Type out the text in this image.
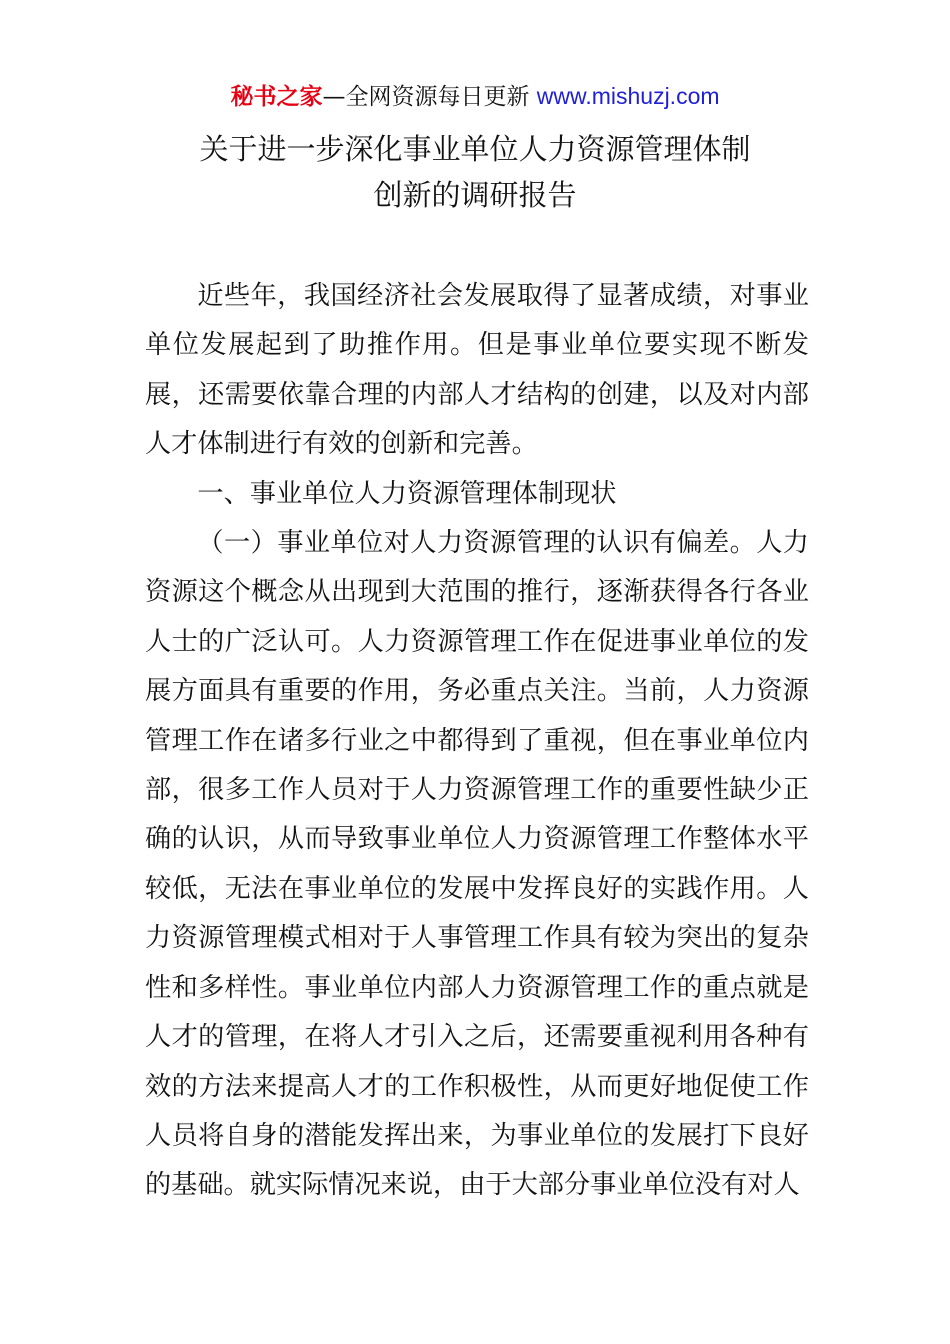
秘书之家—全网资源每日更新 www.mishuzj.com
关于进一步深化事业单位人力资源管理体制
创新的调研报告

近些年，我国经济社会发展取得了显著成绩，对事业单位发展起到了助推作用。但是事业单位要实现不断发展，还需要依靠合理的内部人才结构的创建，以及对内部人才体制进行有效的创新和完善。

一、事业单位人力资源管理体制现状

（一）事业单位对人力资源管理的认识有偏差。人力资源这个概念从出现到大范围的推行，逐渐获得各行各业人士的广泛认可。人力资源管理工作在促进事业单位的发展方面具有重要的作用，务必重点关注。当前，人力资源管理工作在诸多行业之中都得到了重视，但在事业单位内部，很多工作人员对于人力资源管理工作的重要性缺少正确的认识，从而导致事业单位人力资源管理工作整体水平较低，无法在事业单位的发展中发挥良好的实践作用。人力资源管理模式相对于人事管理工作具有较为突出的复杂性和多样性。事业单位内部人力资源管理工作的重点就是人才的管理，在将人才引入之后，还需要重视利用各种有效的方法来提高人才的工作积极性，从而更好地促使工作人员将自身的潜能发挥出来，为事业单位的发展打下良好的基础。就实际情况来说，由于大部分事业单位没有对人
